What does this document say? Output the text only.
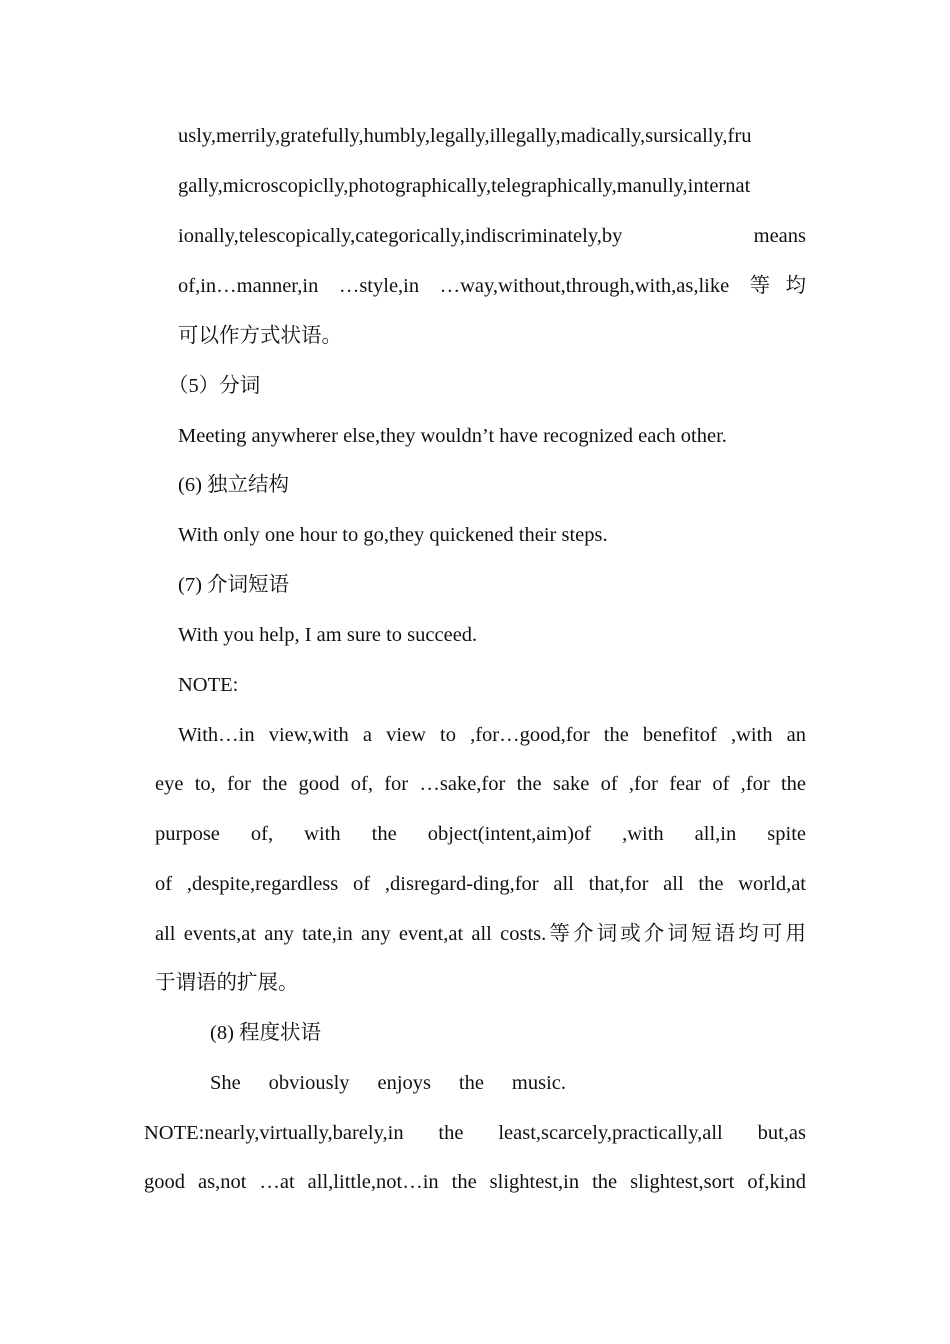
usly,merrily,gratefully,humbly,legally,illegally,madically,sursically,fru
gally,microscopiclly,photographically,telegraphically,manully,internat
ionally,telescopically,categorically,indiscriminately,by means
of,in…manner,in …style,in …way,without,through,with,as,like 等均
可以作方式状语。
（5）分词
Meeting anywherer else,they wouldn’t have recognized each other.
(6) 独立结构
With only one hour to go,they quickened their steps.
(7) 介词短语
With you help, I am sure to succeed.
NOTE:
With…in view,with a view to ,for…good,for the benefitof ,with an
eye to, for the good of, for …sake,for the sake of ,for fear of ,for the
purpose of, with the object(intent,aim)of ,with all,in spite
of ,despite,regardless of ,disregard-ding,for all that,for all the world,at
all events,at any tate,in any event,at all costs.等介词或介词短语均可用
于谓语的扩展。
(8) 程度状语
She obviously enjoys the music.
NOTE:nearly,virtually,barely,in the least,scarcely,practically,all but,as
good as,not …at all,little,not…in the slightest,in the slightest,sort of,kind
